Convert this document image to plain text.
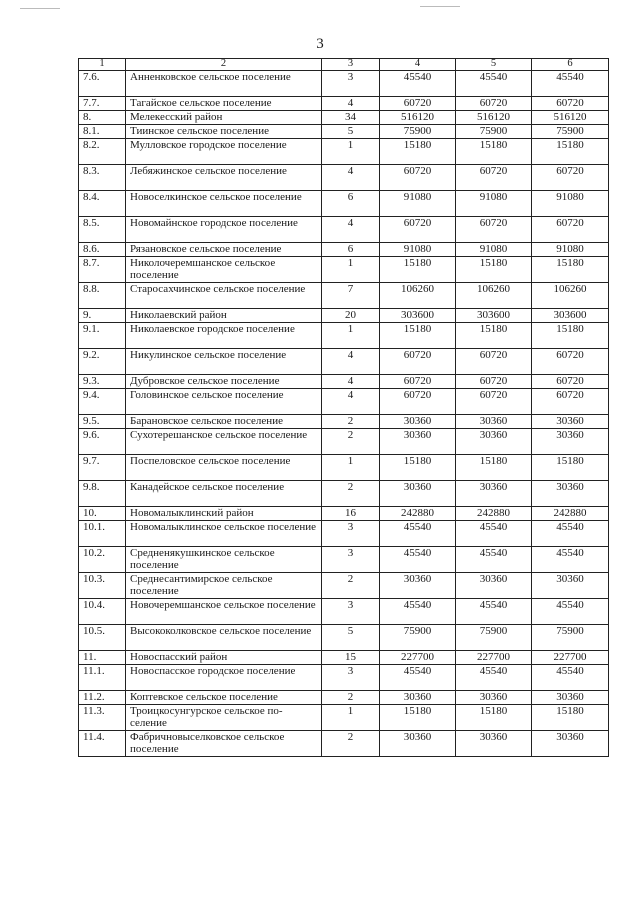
3
1	2	3	4	5	6
7.6.	Анненковское сельское поселение	3	45540	45540	45540
7.7.	Тагайское сельское поселение	4	60720	60720	60720
8.	Мелекесский район	34	516120	516120	516120
8.1.	Тиинское сельское поселение	5	75900	75900	75900
8.2.	Мулловское городское поселение	1	15180	15180	15180
8.3.	Лебяжинское сельское поселение	4	60720	60720	60720
8.4.	Новоселкинское сельское поселение	6	91080	91080	91080
8.5.	Новомайнское городское поселение	4	60720	60720	60720
8.6.	Рязановское сельское поселение	6	91080	91080	91080
8.7.	Николочеремшанское сельское поселение	1	15180	15180	15180
8.8.	Старосахчинское сельское поселение	7	106260	106260	106260
9.	Николаевский район	20	303600	303600	303600
9.1.	Николаевское городское поселение	1	15180	15180	15180
9.2.	Никулинское сельское поселение	4	60720	60720	60720
9.3.	Дубровское сельское поселение	4	60720	60720	60720
9.4.	Головинское сельское поселение	4	60720	60720	60720
9.5.	Барановское сельское поселение	2	30360	30360	30360
9.6.	Сухотерешанское сельское поселение	2	30360	30360	30360
9.7.	Поспеловское сельское поселение	1	15180	15180	15180
9.8.	Канадейское сельское поселение	2	30360	30360	30360
10.	Новомалыклинский район	16	242880	242880	242880
10.1.	Новомалыклинское сельское поселение	3	45540	45540	45540
10.2.	Средненякушкинское сельское поселение	3	45540	45540	45540
10.3.	Среднесантимирское сельское поселение	2	30360	30360	30360
10.4.	Новочеремшанское сельское поселение	3	45540	45540	45540
10.5.	Высококолковское сельское поселение	5	75900	75900	75900
11.	Новоспасский район	15	227700	227700	227700
11.1.	Новоспасское городское поселение	3	45540	45540	45540
11.2.	Коптевское сельское поселение	2	30360	30360	30360
11.3.	Троицкосунгурское сельское по-селение	1	15180	15180	15180
11.4.	Фабричновыселковское сельское поселение	2	30360	30360	30360
